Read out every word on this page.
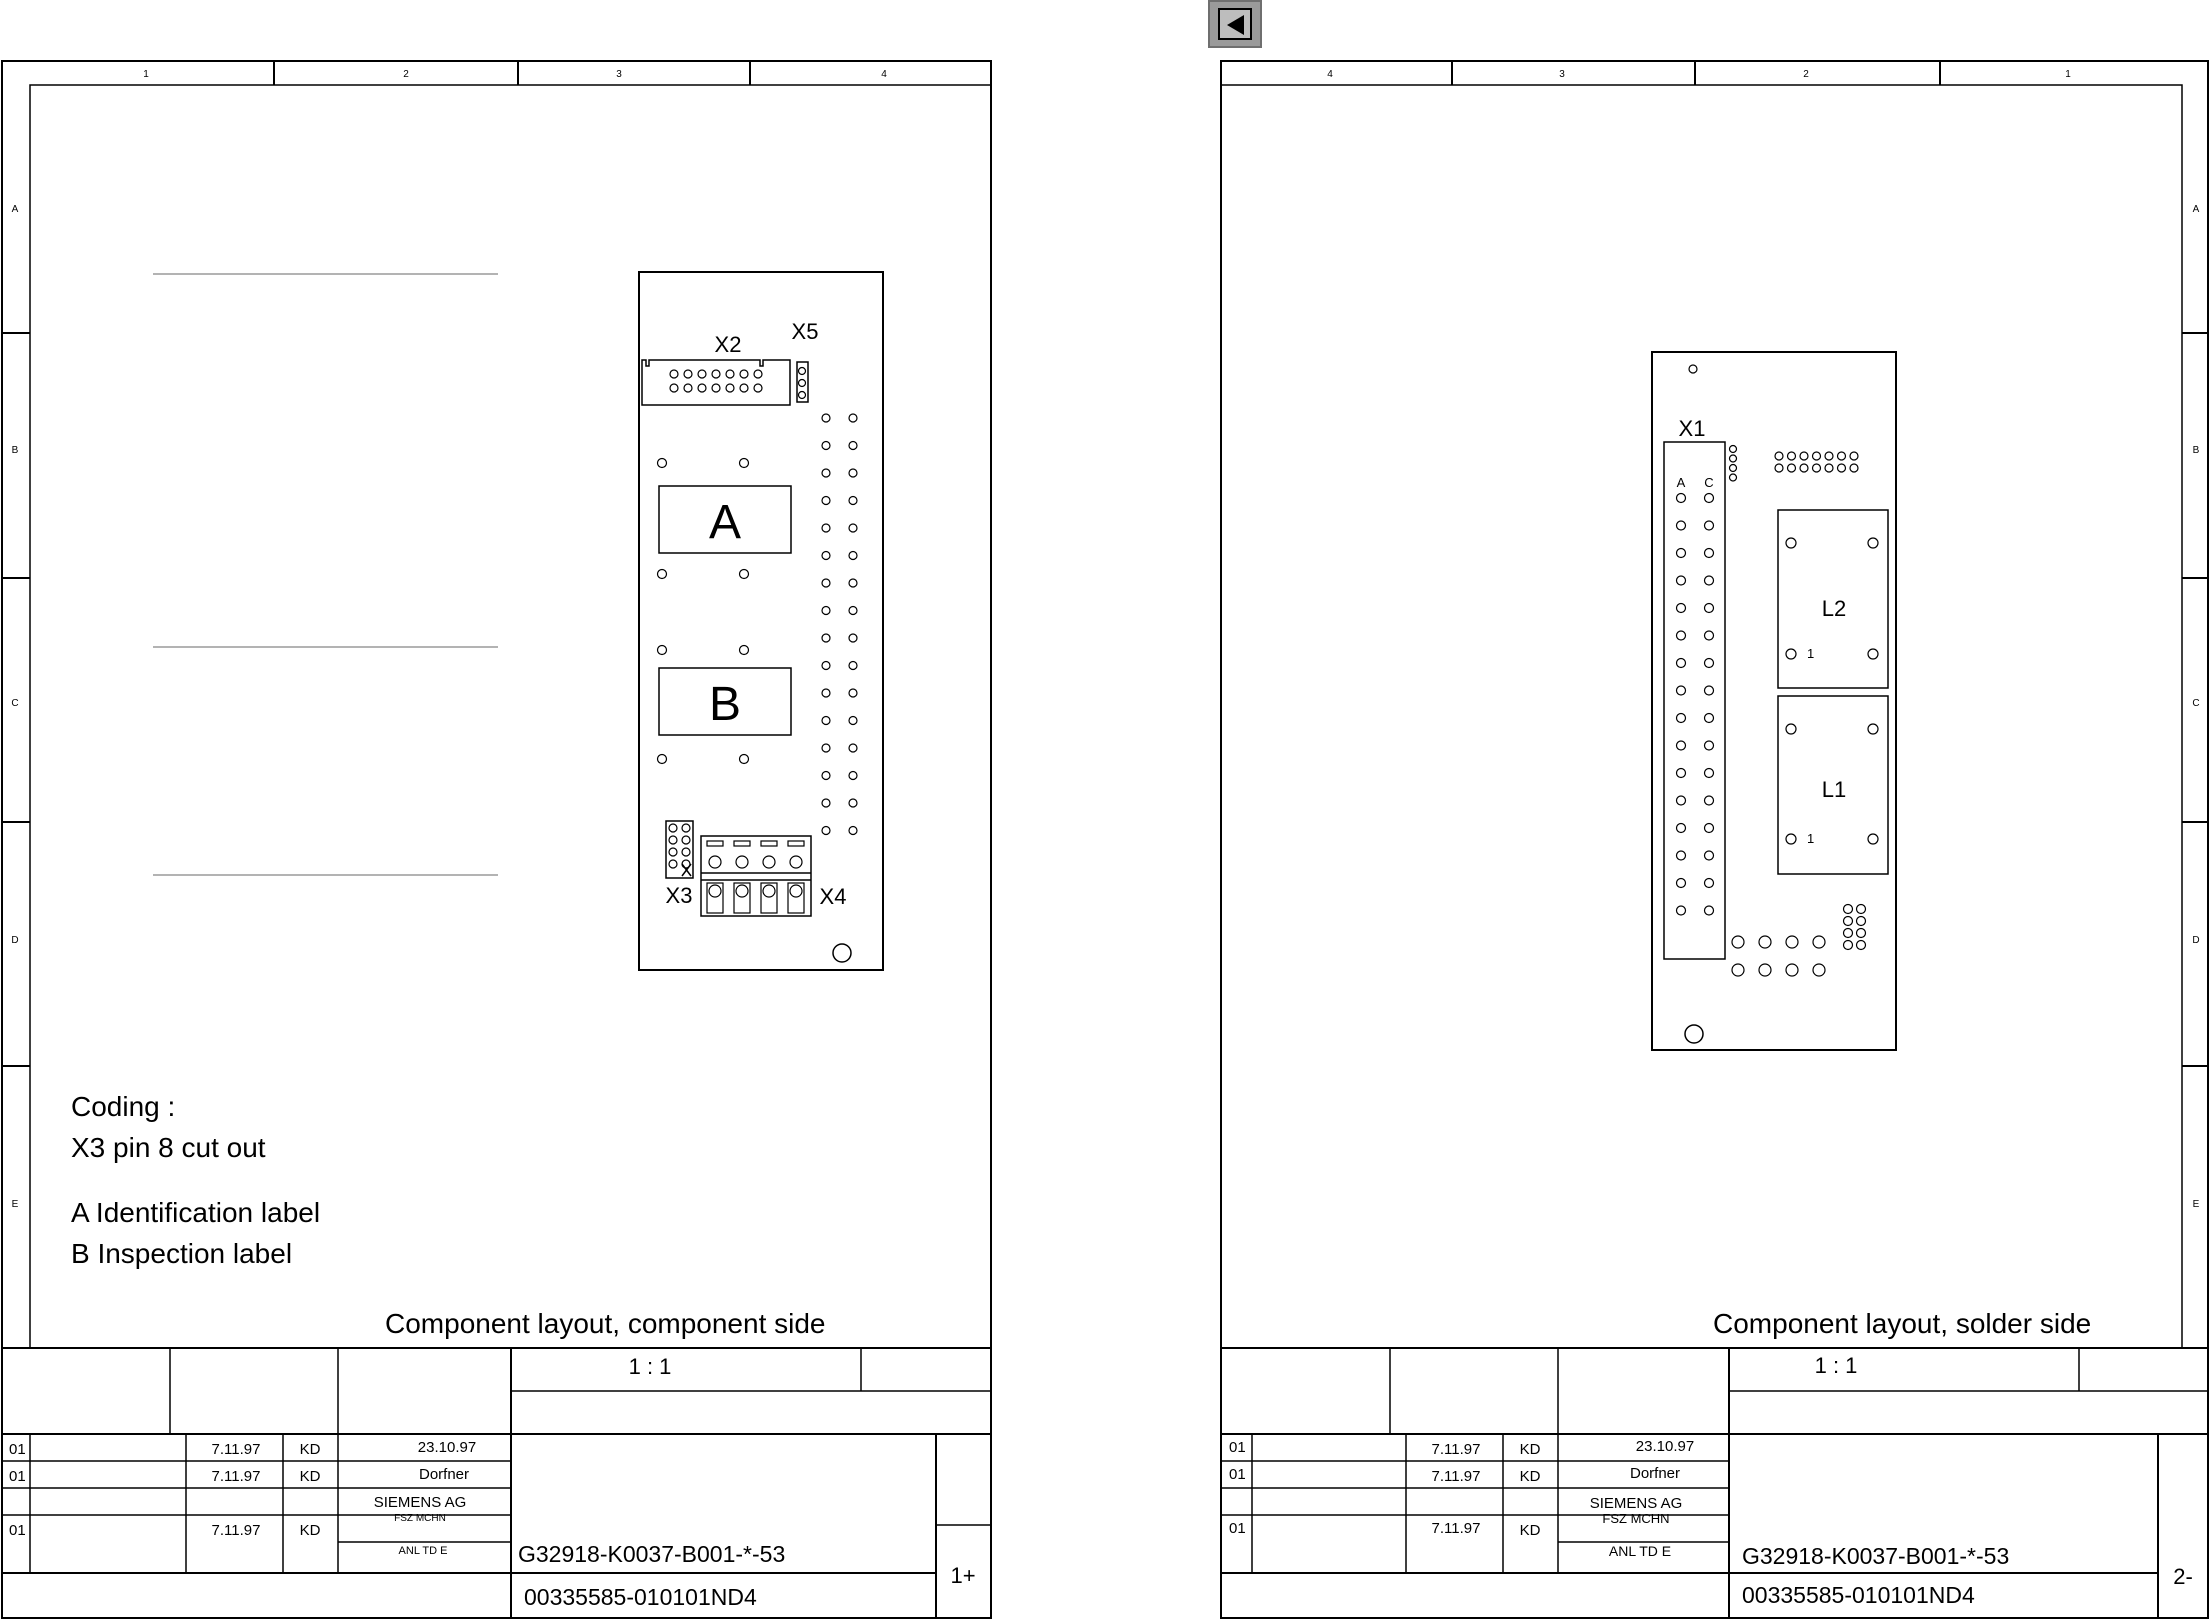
1	2	3	4
A
B
C
D
E
X2
X5
X3	X4
A
B
Coding :
X3 pin 8 cut out
A Identification label
B Inspection label
Component layout, component side
1 : 1
01	7.11.97	KD	23.10.97
01	7.11.97	KD	Dorfner
SIEMENS AG
FSZ MCHN
01	7.11.97	KD
ANL TD E	G32918-K0037-B001-*-53
00335585-010101ND4
1+
4	3	2	1
A
B
C
D
E
X1
L2
L1
A C
1
1
Component layout, solder side
1 : 1
01	7.11.97	KD	23.10.97
01	7.11.97	KD	Dorfner
SIEMENS AG
FSZ MCHN
01	7.11.97	KD
ANL TD E	G32918-K0037-B001-*-53
00335585-010101ND4
2-
